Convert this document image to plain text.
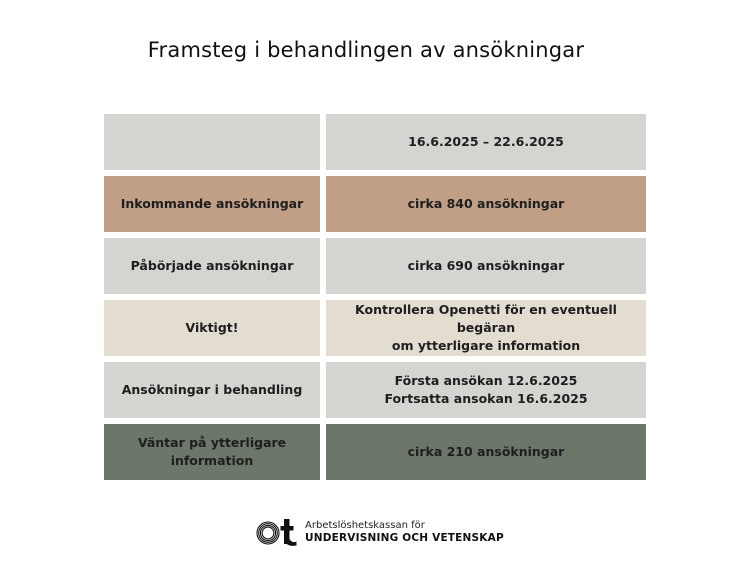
Framsteg i behandlingen av ansökningar
16.6.2025 – 22.6.2025
Inkommande ansökningar	cirka 840 ansökningar
Påbörjade ansökningar	cirka 690 ansökningar
Viktigt!
Kontrollera Openetti för en eventuell begäran
om ytterligare information
Ansökningar i behandling
Första ansökan 12.6.2025
Fortsatta ansokan 16.6.2025
Väntar på ytterligare
information
cirka 210 ansökningar
Arbetslöshetskassan för
UNDERVISNING OCH VETENSKAP
